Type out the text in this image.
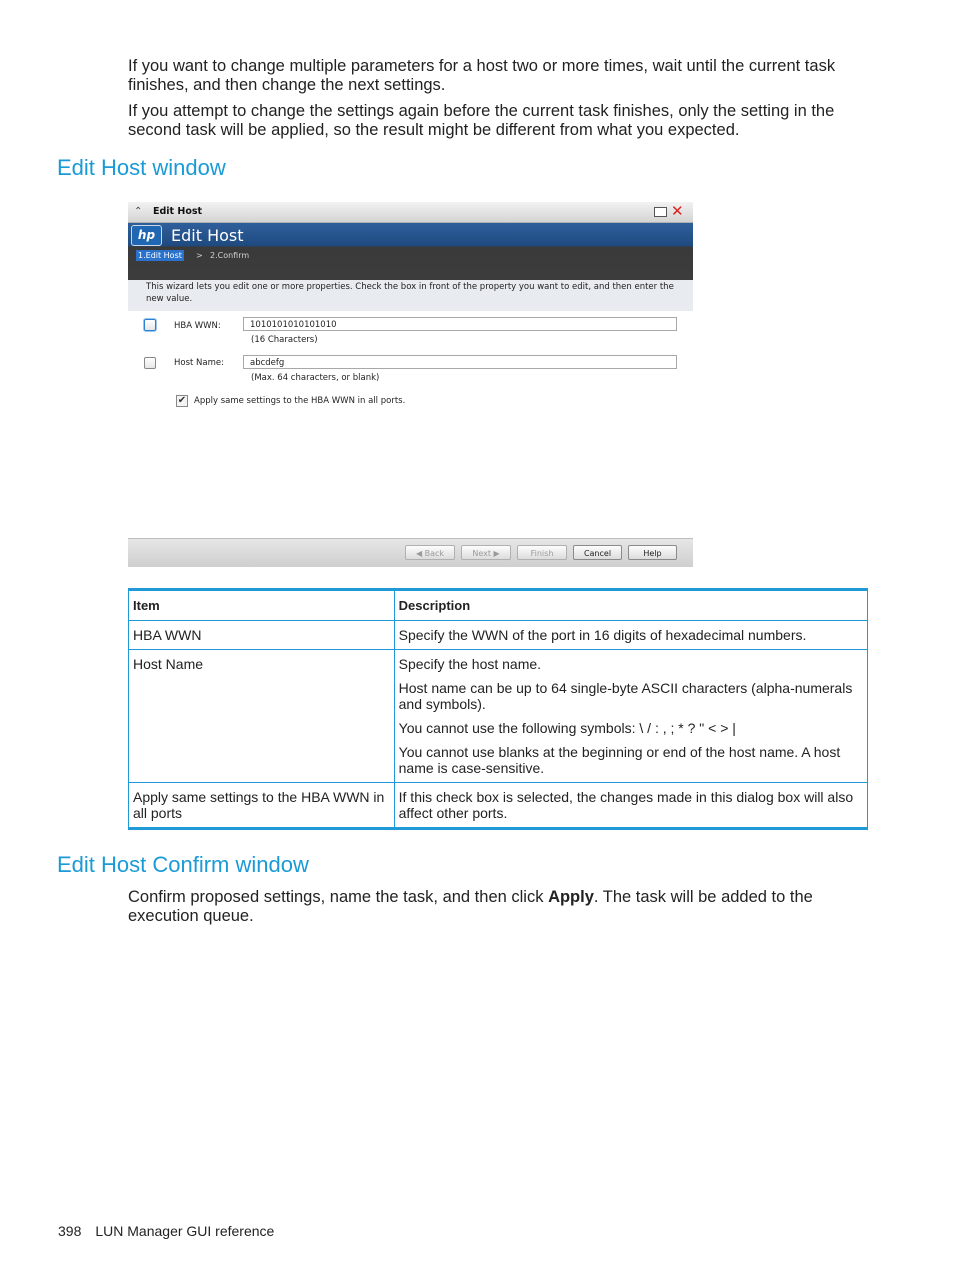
If you want to change multiple parameters for a host two or more times, wait until the current task finishes, and then change the next settings.

If you attempt to change the settings again before the current task finishes, only the setting in the second task will be applied, so the result might be different from what you expected.

Edit Host window
⌃ Edit Host	✕
hp Edit Host
1.Edit Host > 2.Confirm
This wizard lets you edit one or more properties. Check the box in front of the property you want to edit, and then enter the new value.
HBA WWN:	1010101010101010
(16 Characters)
Host Name:	abcdefg
(Max. 64 characters, or blank)
✔ Apply same settings to the HBA WWN in all ports.
◀ Back	Next ▶	Finish	Cancel	Help
Item	Description
HBA WWN	Specify the WWN of the port in 16 digits of hexadecimal numbers.

Host Name	Specify the host name.

Host name can be up to 64 single-byte ASCII characters (alpha-numerals and symbols).

You cannot use the following symbols: \ / : , ; * ? " < > |

You cannot use blanks at the beginning or end of the host name. A host name is case-sensitive.

Apply same settings to the HBA WWN in all ports	If this check box is selected, the changes made in this dialog box will also affect other ports.

Edit Host Confirm window

Confirm proposed settings, name the task, and then click Apply. The task will be added to the execution queue.

398 LUN Manager GUI reference
